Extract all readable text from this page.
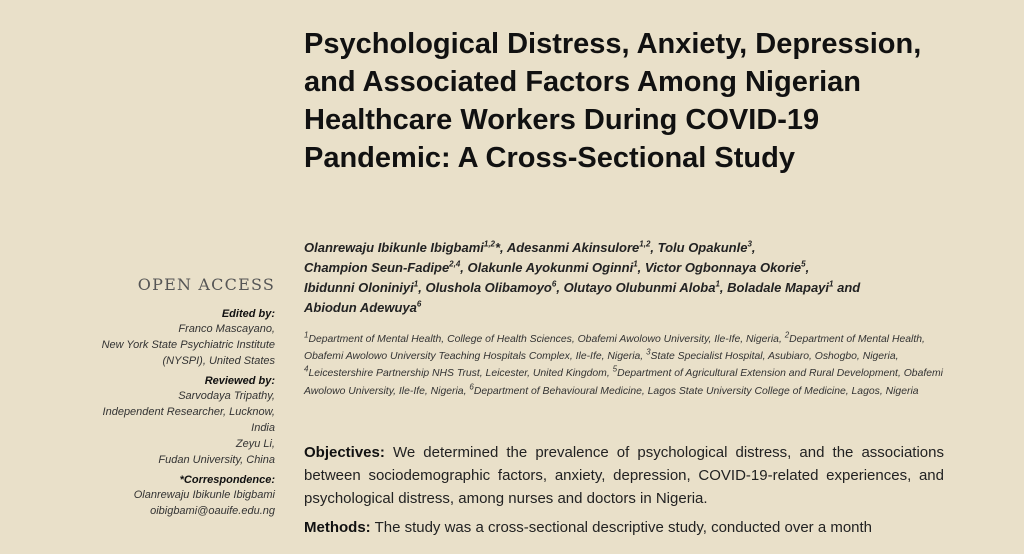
OPEN ACCESS
Edited by:
Franco Mascayano,
New York State Psychiatric Institute
(NYSPI), United States
Reviewed by:
Sarvodaya Tripathy,
Independent Researcher, Lucknow,
India
Zeyu Li,
Fudan University, China
*Correspondence:
Olanrewaju Ibikunle Ibigbami
oibigbami@oauife.edu.ng
Psychological Distress, Anxiety, Depression, and Associated Factors Among Nigerian Healthcare Workers During COVID-19 Pandemic: A Cross-Sectional Study
Olanrewaju Ibikunle Ibigbami$^{1,2}$*, Adesanmi Akinsulore$^{1,2}$, Tolu Opakunle$^3$,
Champion Seun-Fadipe$^{2,4}$, Olakunle Ayokunmi Oginni$^1$, Victor Ogbonnaya Okorie$^5$,
Ibidunni Oloniniyi$^1$, Olushola Olibamoyo$^6$, Olutayo Olubunmi Aloba$^1$, Boladale Mapayi$^1$ and
Abiodun Adewuya$^6$
$^1$Department of Mental Health, College of Health Sciences, Obafemi Awolowo University, Ile-Ife, Nigeria, $^2$Department of Mental Health, Obafemi Awolowo University Teaching Hospitals Complex, Ile-Ife, Nigeria, $^3$State Specialist Hospital, Asubiaro, Oshogbo, Nigeria, $^4$Leicestershire Partnership NHS Trust, Leicester, United Kingdom, $^5$Department of Agricultural Extension and Rural Development, Obafemi Awolowo University, Ile-Ife, Nigeria, $^6$Department of Behavioural Medicine, Lagos State University College of Medicine, Lagos, Nigeria

Objectives: We determined the prevalence of psychological distress, and the associations between sociodemographic factors, anxiety, depression, COVID-19-related experiences, and psychological distress, among nurses and doctors in Nigeria.

Methods: The study was a cross-sectional descriptive study, conducted over a month
